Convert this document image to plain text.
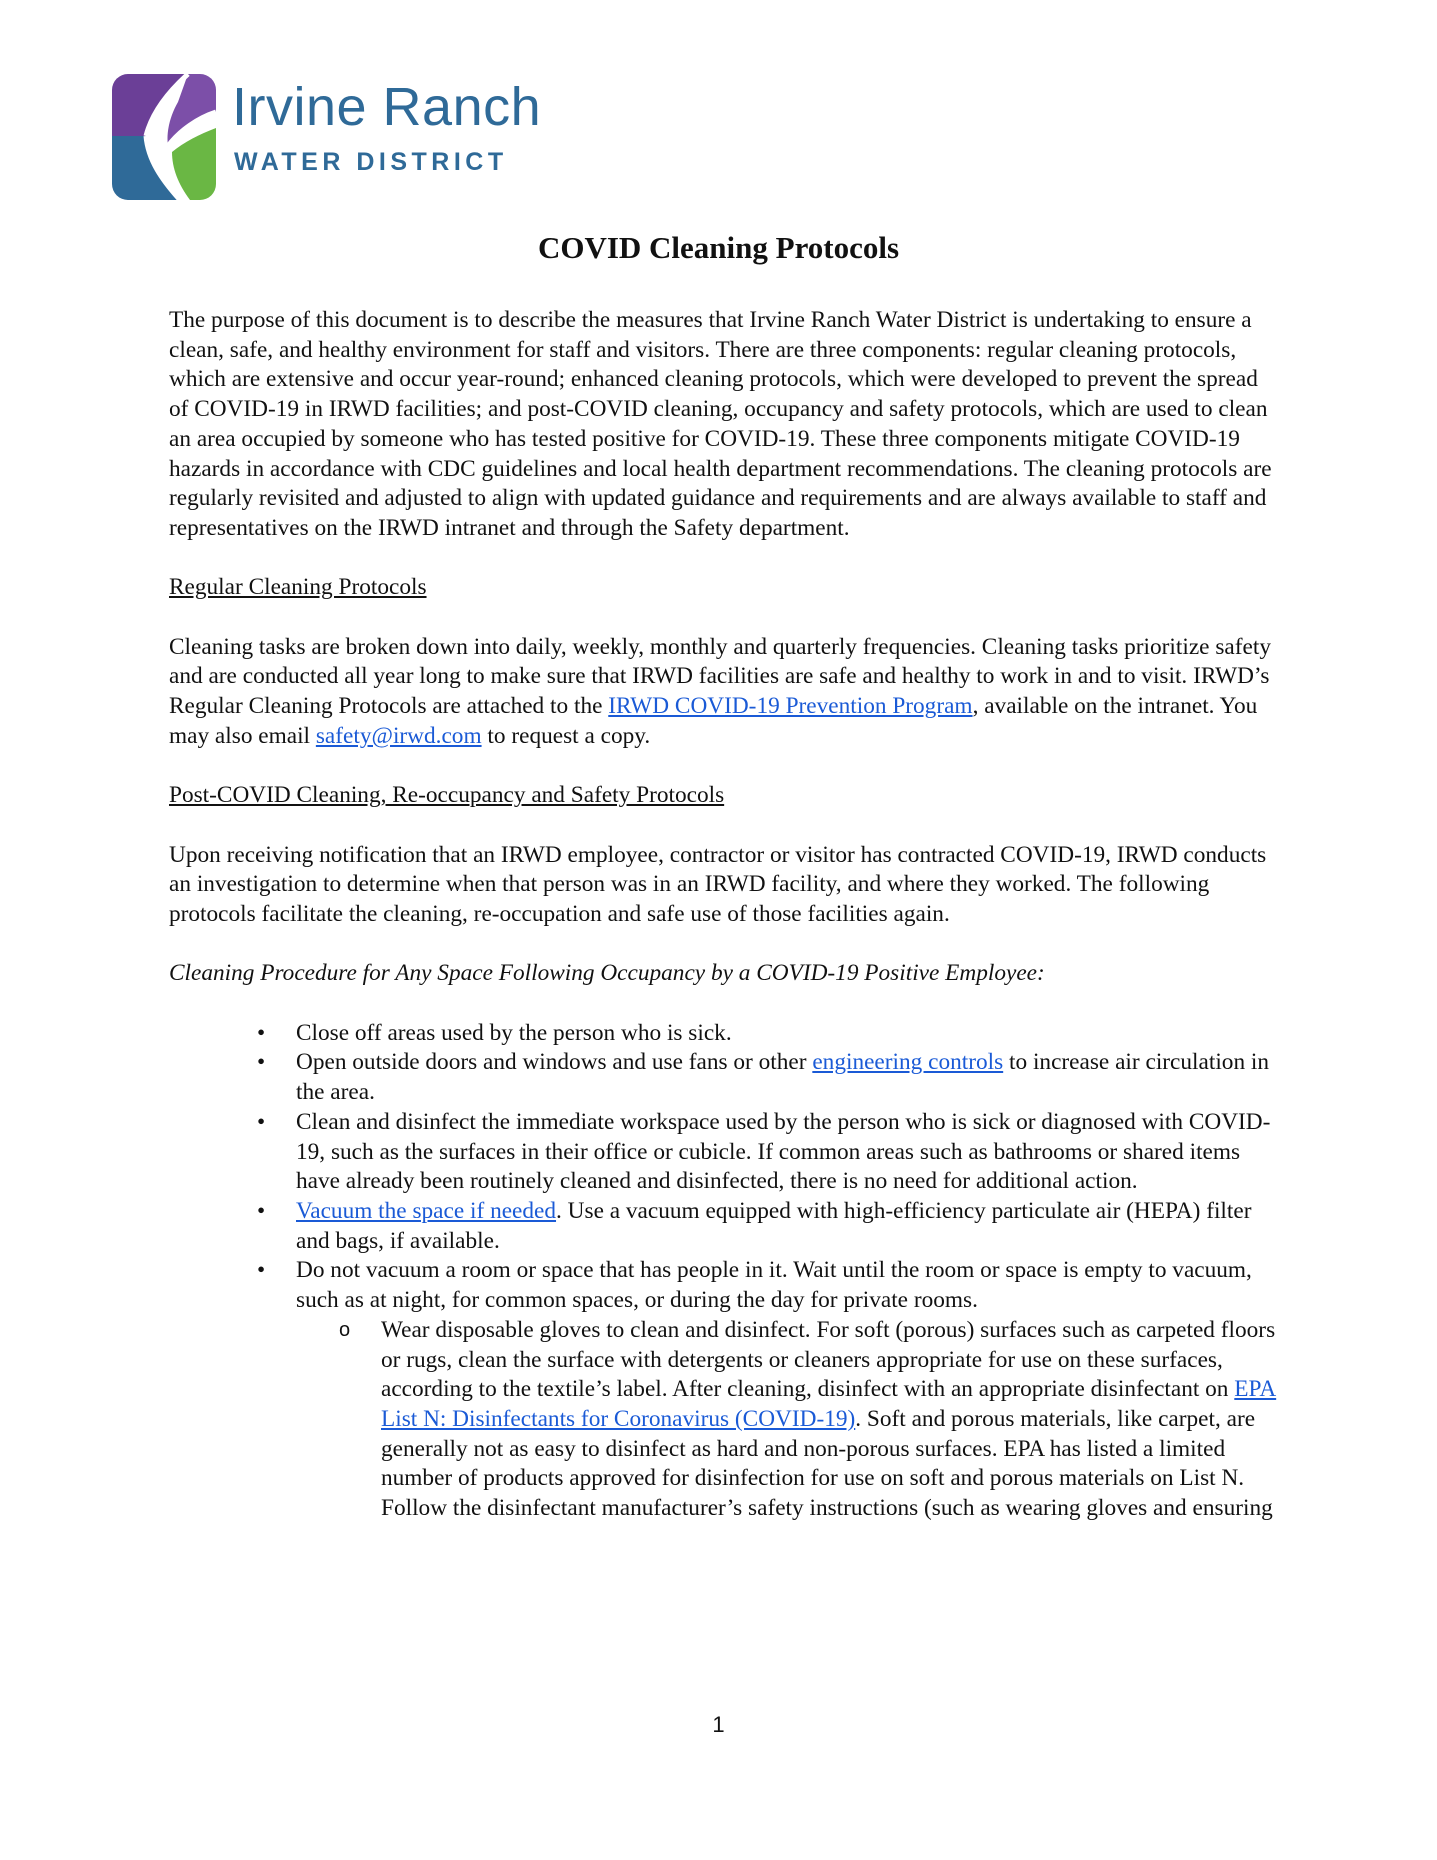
Irvine Ranch
WATER DISTRICT
COVID Cleaning Protocols

The purpose of this document is to describe the measures that Irvine Ranch Water District is undertaking to ensure a clean, safe, and healthy environment for staff and visitors. There are three components: regular cleaning protocols, which are extensive and occur year-round; enhanced cleaning protocols, which were developed to prevent the spread of COVID-19 in IRWD facilities; and post-COVID cleaning, occupancy and safety protocols, which are used to clean an area occupied by someone who has tested positive for COVID-19. These three components mitigate COVID-19 hazards in accordance with CDC guidelines and local health department recommendations. The cleaning protocols are regularly revisited and adjusted to align with updated guidance and requirements and are always available to staff and representatives on the IRWD intranet and through the Safety department.

Regular Cleaning Protocols

Cleaning tasks are broken down into daily, weekly, monthly and quarterly frequencies. Cleaning tasks prioritize safety and are conducted all year long to make sure that IRWD facilities are safe and healthy to work in and to visit. IRWD’s Regular Cleaning Protocols are attached to the IRWD COVID-19 Prevention Program, available on the intranet. You may also email safety@irwd.com to request a copy.

Post-COVID Cleaning, Re-occupancy and Safety Protocols

Upon receiving notification that an IRWD employee, contractor or visitor has contracted COVID-19, IRWD conducts an investigation to determine when that person was in an IRWD facility, and where they worked. The following protocols facilitate the cleaning, re-occupation and safe use of those facilities again.

Cleaning Procedure for Any Space Following Occupancy by a COVID-19 Positive Employee:

• Close off areas used by the person who is sick.
• Open outside doors and windows and use fans or other engineering controls to increase air circulation in the area.
• Clean and disinfect the immediate workspace used by the person who is sick or diagnosed with COVID-19, such as the surfaces in their office or cubicle. If common areas such as bathrooms or shared items have already been routinely cleaned and disinfected, there is no need for additional action.
• Vacuum the space if needed. Use a vacuum equipped with high-efficiency particulate air (HEPA) filter and bags, if available.
• Do not vacuum a room or space that has people in it. Wait until the room or space is empty to vacuum, such as at night, for common spaces, or during the day for private rooms.
o Wear disposable gloves to clean and disinfect. For soft (porous) surfaces such as carpeted floors or rugs, clean the surface with detergents or cleaners appropriate for use on these surfaces, according to the textile’s label. After cleaning, disinfect with an appropriate disinfectant on EPA List N: Disinfectants for Coronavirus (COVID-19). Soft and porous materials, like carpet, are generally not as easy to disinfect as hard and non-porous surfaces. EPA has listed a limited number of products approved for disinfection for use on soft and porous materials on List N. Follow the disinfectant manufacturer’s safety instructions (such as wearing gloves and ensuring
1
